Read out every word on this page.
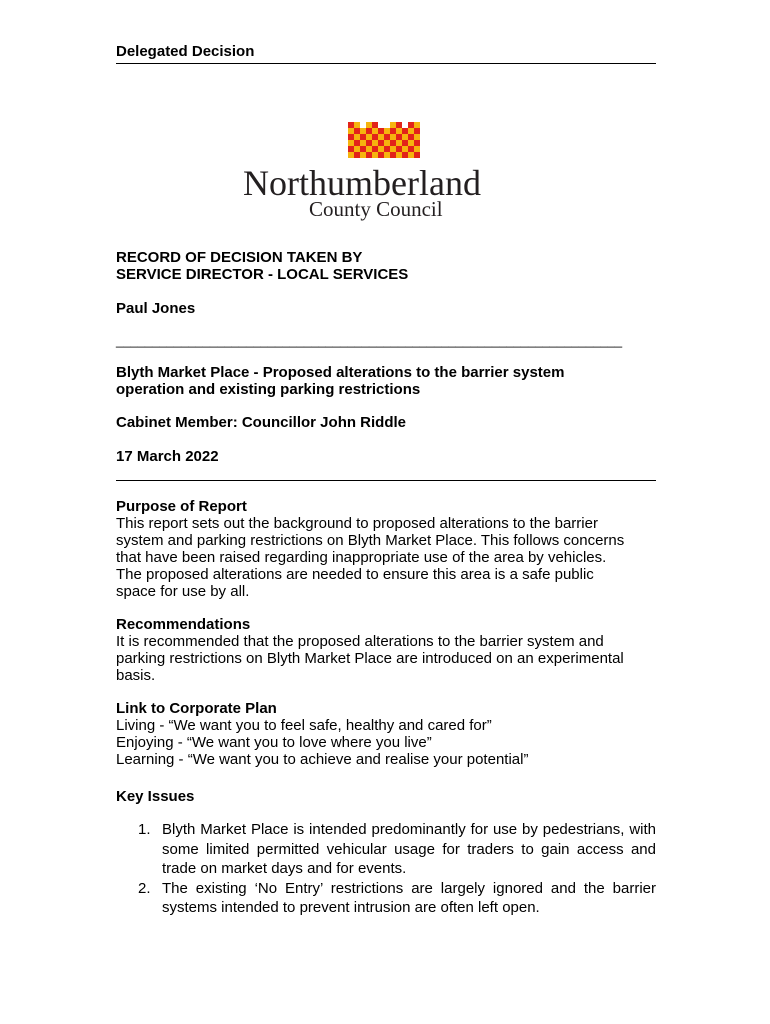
Delegated Decision
Northumberland
County Council
RECORD OF DECISION TAKEN BY
SERVICE DIRECTOR - LOCAL SERVICES
Paul Jones
______________________________________________________________________
Blyth Market Place - Proposed alterations to the barrier system
operation and existing parking restrictions
Cabinet Member: Councillor John Riddle
17 March 2022
Purpose of Report
This report sets out the background to proposed alterations to the barrier
system and parking restrictions on Blyth Market Place. This follows concerns
that have been raised regarding inappropriate use of the area by vehicles.
The proposed alterations are needed to ensure this area is a safe public
space for use by all.
Recommendations
It is recommended that the proposed alterations to the barrier system and
parking restrictions on Blyth Market Place are introduced on an experimental
basis.
Link to Corporate Plan
Living - “We want you to feel safe, healthy and cared for”
Enjoying - “We want you to love where you live”
Learning - “We want you to achieve and realise your potential”
Key Issues
1. Blyth Market Place is intended predominantly for use by pedestrians, with some limited permitted vehicular usage for traders to gain access and trade on market days and for events.
2. The existing ‘No Entry’ restrictions are largely ignored and the barrier systems intended to prevent intrusion are often left open.
